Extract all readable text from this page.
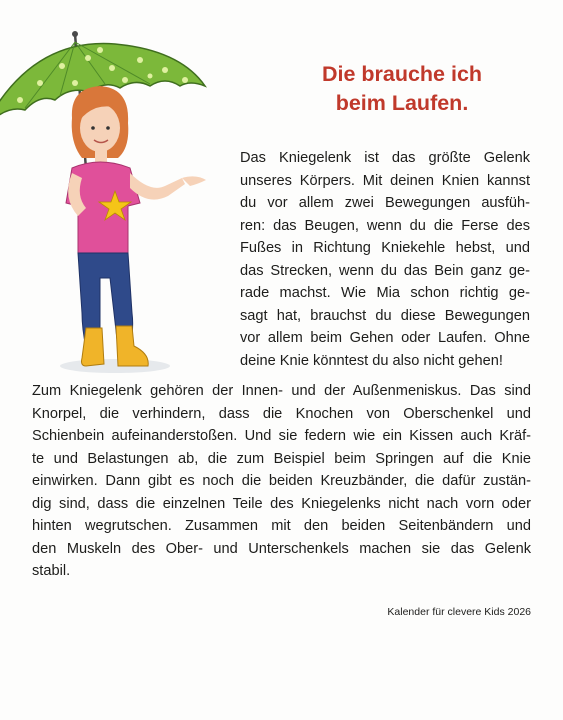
Die brauche ich
beim Laufen.

Das Kniegelenk ist das größte Gelenk
unseres Körpers. Mit deinen Knien kannst
du vor allem zwei Bewegungen ausfüh-
ren: das Beugen, wenn du die Ferse des
Fußes in Richtung Kniekehle hebst, und
das Strecken, wenn du das Bein ganz ge-
rade machst. Wie Mia schon richtig ge-
sagt hat, brauchst du diese Bewegungen
vor allem beim Gehen oder Laufen. Ohne
deine Knie könntest du also nicht gehen!

Zum Kniegelenk gehören der Innen- und der Außenmeniskus. Das sind
Knorpel, die verhindern, dass die Knochen von Oberschenkel und
Schienbein aufeinanderstoßen. Und sie federn wie ein Kissen auch Kräf-
te und Belastungen ab, die zum Beispiel beim Springen auf die Knie
einwirken. Dann gibt es noch die beiden Kreuzbänder, die dafür zustän-
dig sind, dass die einzelnen Teile des Kniegelenks nicht nach vorn oder
hinten wegrutschen. Zusammen mit den beiden Seitenbändern und
den Muskeln des Ober- und Unterschenkels machen sie das Gelenk
stabil.

Kalender für clevere Kids 2026
